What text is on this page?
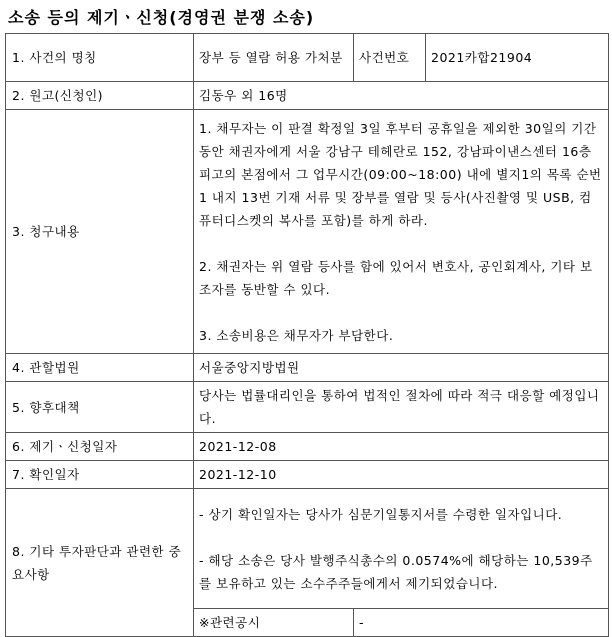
소송 등의 제기ㆍ신청(경영권 분쟁 소송)
1. 사건의 명칭	장부 등 열람 허용 가처분	사건번호	2021카합21904
2. 원고(신청인)	김동우 외 16명		
3. 청구내용	1. 채무자는 이 판결 확정일 3일 후부터 공휴일을 제외한 30일의 기간 동안 채권자에게 서울 강남구 테헤란로 152, 강남파이낸스센터 16층 피고의 본점에서 그 업무시간(09:00~18:00) 내에 별지1의 목록 순번1 내지 13번 기재 서류 및 장부를 열람 및 등사(사진촬영 및 USB, 컴퓨터디스켓의 복사를 포함)를 하게 하라.
2. 채권자는 위 열람 등사를 함에 있어서 변호사, 공인회계사, 기타 보조자를 동반할 수 있다.
3. 소송비용은 채무자가 부담한다.		

4. 관할법원	서울중앙지방법원		
5. 향후대책	당사는 법률대리인을 통하여 법적인 절차에 따라 적극 대응할 예정입니다.		
6. 제기ㆍ신청일자	2021-12-08		
7. 확인일자	2021-12-10		
8. 기타 투자판단과 관련한 중요사항	- 상기 확인일자는 당사가 심문기일통지서를 수령한 일자입니다.
- 해당 소송은 당사 발행주식총수의 0.0574%에 해당하는 10,539주를 보유하고 있는 소수주주들에게서 제기되었습니다.		

	※관련공시	-	
